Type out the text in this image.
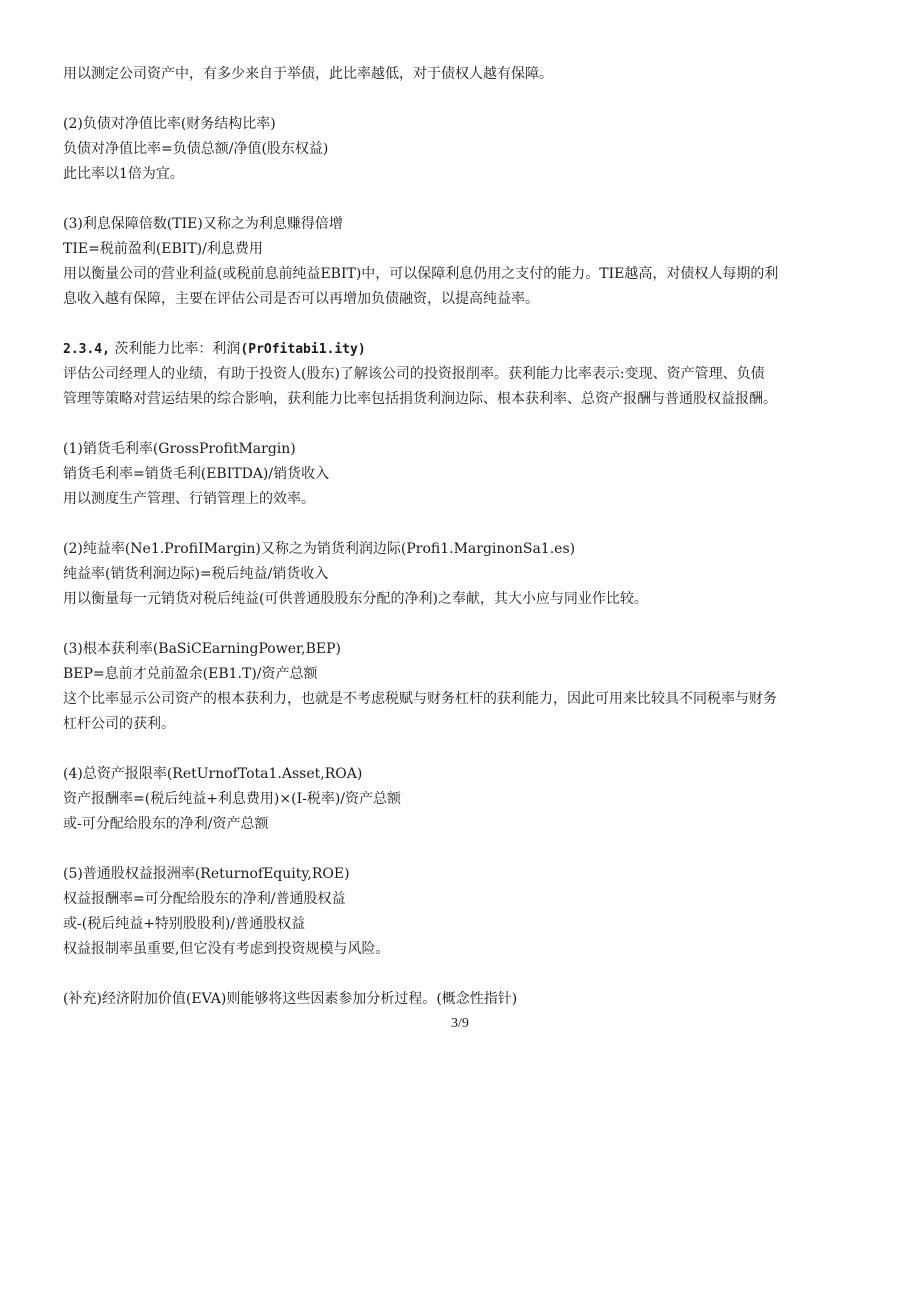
用以测定公司资产中，有多少来自于举债，此比率越低，对于债权人越有保障。
(2)负债对净值比率(财务结构比率)
负债对净值比率=负债总额/净值(股东权益)
此比率以1倍为宜。
(3)利息保障倍数(TIE)又称之为利息赚得倍增
TIE=税前盈利(EBIT)/利息费用
用以衡量公司的营业利益(或税前息前纯益EBIT)中，可以保障利息仍用之支付的能力。TIE越高，对债权人每期的利
息收入越有保障，主要在评估公司是否可以再增加负债融资，以提高纯益率。
2.3.4, 茨利能力比率：利润(PrOfitabi1.ity)
评估公司经理人的业绩，有助于投资人(股东)了解该公司的投资报削率。获利能力比率表示:变现、资产管理、负债
管理等策略对营运结果的综合影响，获利能力比率包括捐货利涧边际、根本获利率、总资产报酬与普通股权益报酬。
(1)销货毛利率(GrossProfitMargin)
销货毛利率=销货毛利(EBITDA)/销货收入
用以测度生产管理、行销管理上的效率。
(2)纯益率(Ne1.ProfiIMargin)又称之为销货利润边际(Profi1.MarginonSa1.es)
纯益率(销货利涧边际)=税后纯益/销货收入
用以衡量每一元销货对税后纯益(可供普通股股东分配的净利)之奉献，其大小应与同业作比较。
(3)根本获利率(BaSiCEarningPower,BEP)
BEP=息前才兑前盈余(EB1.T)/资产总额
这个比率显示公司资产的根本获利力，也就是不考虑税赋与财务杠杆的获利能力，因此可用来比较具不同税率与财务
杠杆公司的获利。
(4)总资产报限率(RetUrnofTota1.Asset,ROA)
资产报酬率=(税后纯益+利息费用)×(I-税率)/资产总额
或-可分配给股东的净利/资产总额
(5)普通股权益报洲率(ReturnofEquity,ROE)
权益报酬率=可分配给股东的净利/普通股权益
或-(税后纯益+特别股股利)/普通股权益
权益报制率虽重要,但它没有考虑到投资规模与风险。
(补充)经济附加价值(EVA)则能够将这些因素参加分析过程。(概念性指针)
3/9
